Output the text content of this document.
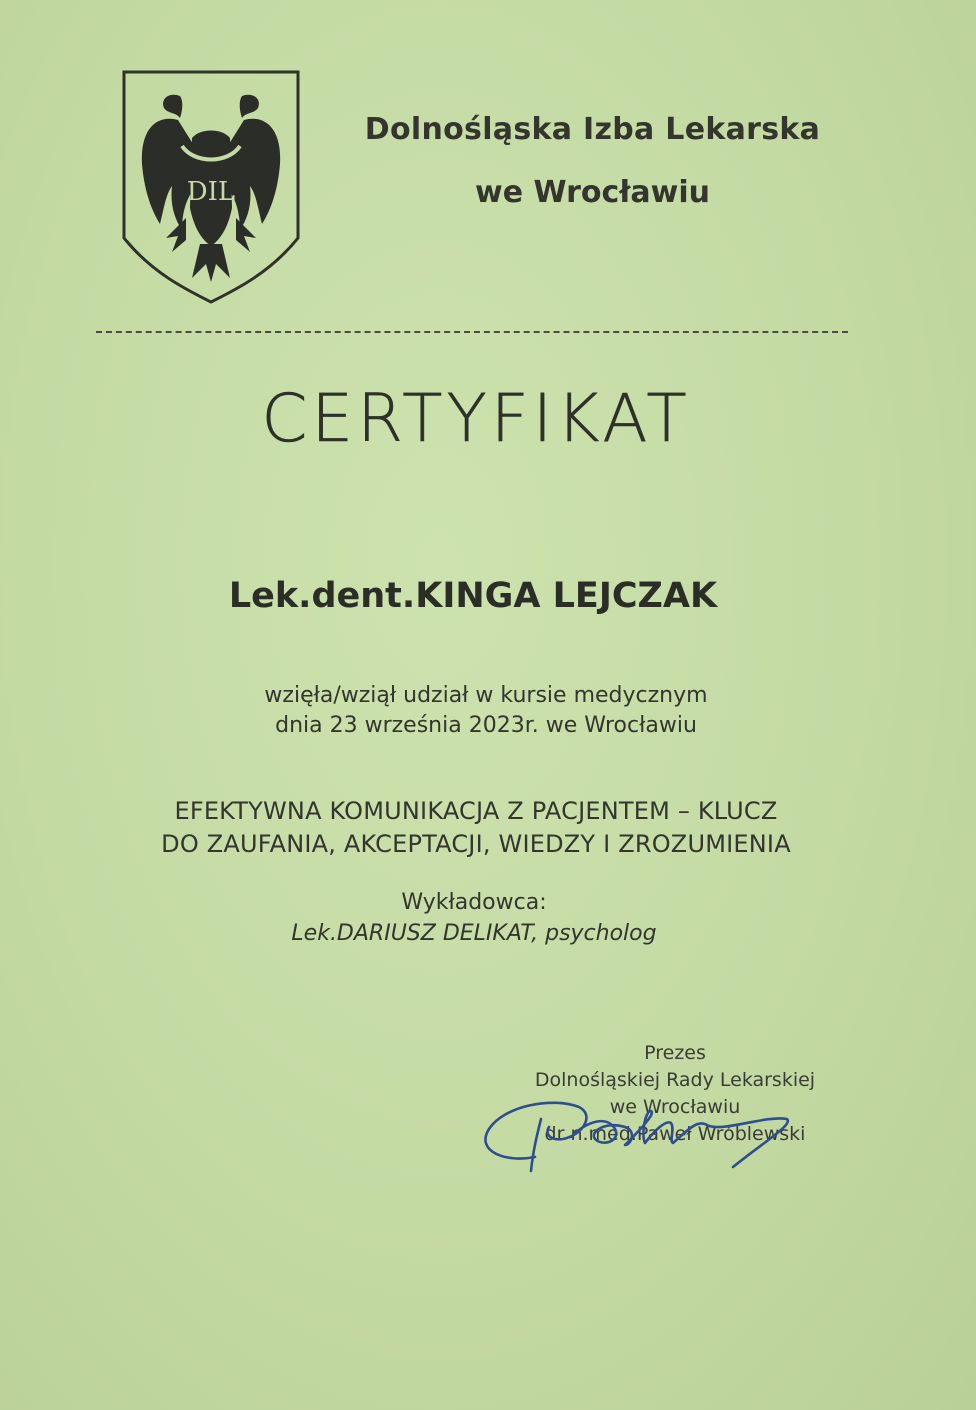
DIL
Dolnośląska Izba Lekarska
we Wrocławiu
CERTYFIKAT
Lek.dent.KINGA LEJCZAK
wzięła/wziął udział w kursie medycznym
dnia 23 września 2023r. we Wrocławiu
EFEKTYWNA KOMUNIKACJA Z PACJENTEM – KLUCZ
DO ZAUFANIA, AKCEPTACJI, WIEDZY I ZROZUMIENIA
Wykładowca:
Lek.DARIUSZ DELIKAT, psycholog
Prezes
Dolnośląskiej Rady Lekarskiej
we Wrocławiu
dr n.med.Paweł Wróblewski
